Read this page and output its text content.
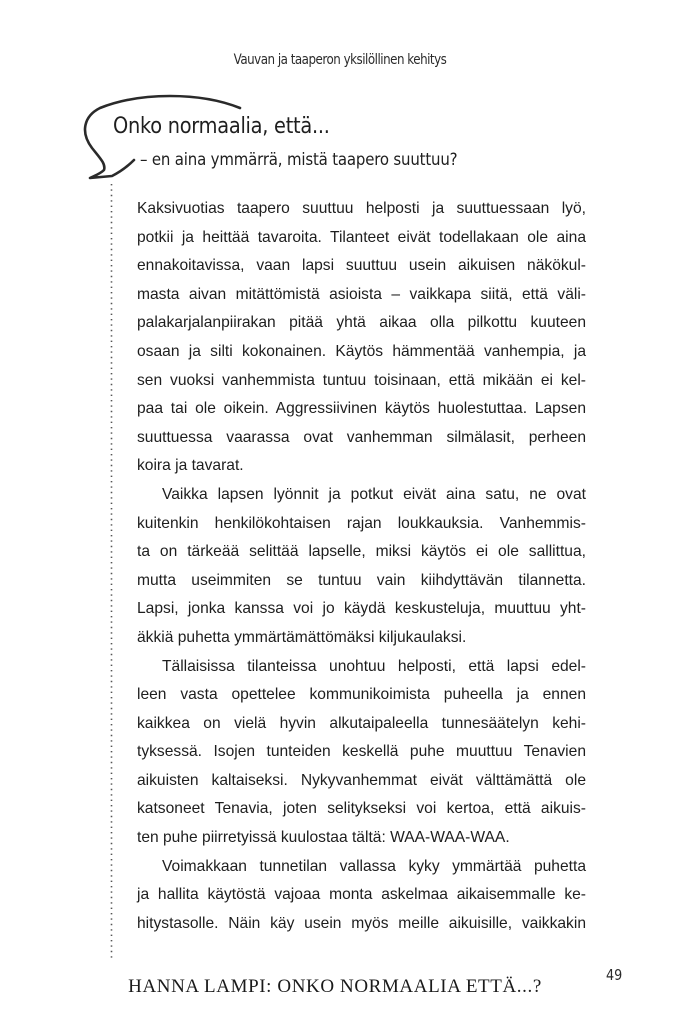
Vauvan ja taaperon yksilöllinen kehitys
Onko normaalia, että...
– en aina ymmärrä, mistä taapero suuttuu?
Kaksivuotias taapero suuttuu helposti ja suuttuessaan lyö,
potkii ja heittää tavaroita. Tilanteet eivät todellakaan ole aina
ennakoitavissa, vaan lapsi suuttuu usein aikuisen näkökul-
masta aivan mitättömistä asioista – vaikkapa siitä, että väli-
palakarjalanpiirakan pitää yhtä aikaa olla pilkottu kuuteen
osaan ja silti kokonainen. Käytös hämmentää vanhempia, ja
sen vuoksi vanhemmista tuntuu toisinaan, että mikään ei kel-
paa tai ole oikein. Aggressiivinen käytös huolestuttaa. Lapsen
suuttuessa vaarassa ovat vanhemman silmälasit, perheen
koira ja tavarat.
Vaikka lapsen lyönnit ja potkut eivät aina satu, ne ovat
kuitenkin henkilökohtaisen rajan loukkauksia. Vanhemmis-
ta on tärkeää selittää lapselle, miksi käytös ei ole sallittua,
mutta useimmiten se tuntuu vain kiihdyttävän tilannetta.
Lapsi, jonka kanssa voi jo käydä keskusteluja, muuttuu yht-
äkkiä puhetta ymmärtämättömäksi kiljukaulaksi.
Tällaisissa tilanteissa unohtuu helposti, että lapsi edel-
leen vasta opettelee kommunikoimista puheella ja ennen
kaikkea on vielä hyvin alkutaipaleella tunnesäätelyn kehi-
tyksessä. Isojen tunteiden keskellä puhe muuttuu Tenavien
aikuisten kaltaiseksi. Nykyvanhemmat eivät välttämättä ole
katsoneet Tenavia, joten selitykseksi voi kertoa, että aikuis-
ten puhe piirretyissä kuulostaa tältä: WAA-WAA-WAA.
Voimakkaan tunnetilan vallassa kyky ymmärtää puhetta
ja hallita käytöstä vajoaa monta askelmaa aikaisemmalle ke-
hitystasolle. Näin käy usein myös meille aikuisille, vaikkakin
HANNA LAMPI: ONKO NORMAALIA ETTÄ...?
49
